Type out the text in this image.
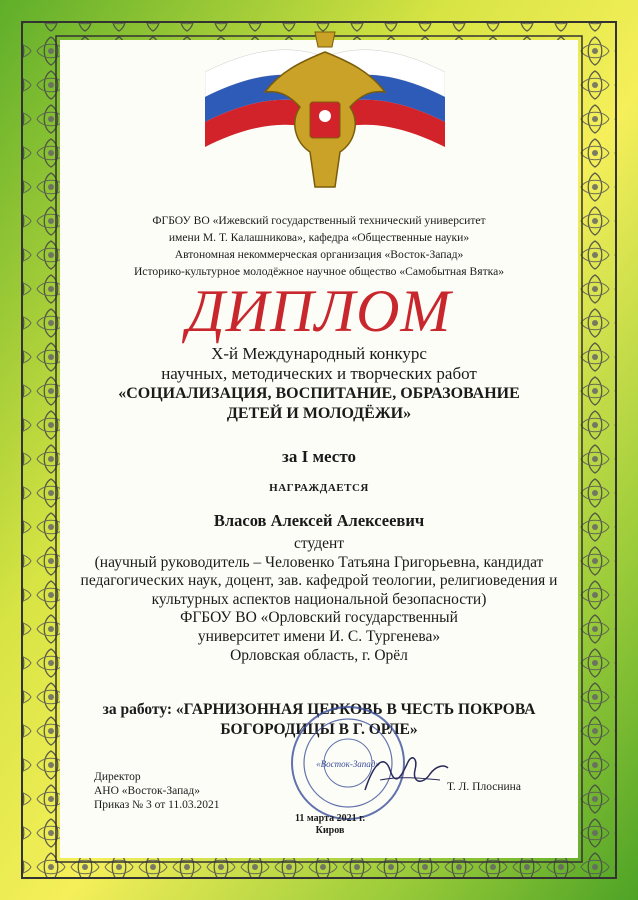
ФГБОУ ВО «Ижевский государственный технический университет
имени М. Т. Калашникова», кафедра «Общественные науки»
Автономная некоммерческая организация «Восток-Запад»
Историко-культурное молодёжное научное общество «Самобытная Вятка»
ДИПЛОМ
X-й Международный конкурс
научных, методических и творческих работ
«СОЦИАЛИЗАЦИЯ, ВОСПИТАНИЕ, ОБРАЗОВАНИЕ
ДЕТЕЙ И МОЛОДЁЖИ»
за I место
НАГРАЖДАЕТСЯ
Власов Алексей Алексеевич
студент
(научный руководитель – Человенко Татьяна Григорьевна, кандидат
педагогических наук, доцент, зав. кафедрой теологии, религиоведения и
культурных аспектов национальной безопасности)
ФГБОУ ВО «Орловский государственный
университет имени И. С. Тургенева»
Орловская область, г. Орёл
за работу: «ГАРНИЗОННАЯ ЦЕРКОВЬ В ЧЕСТЬ ПОКРОВА
БОГОРОДИЦЫ В Г. ОРЛЕ»
«Восток-Запад»
Директор
АНО «Восток-Запад»
Приказ № 3 от 11.03.2021
Т. Л. Плоснина
11 марта 2021 г.
Киров
